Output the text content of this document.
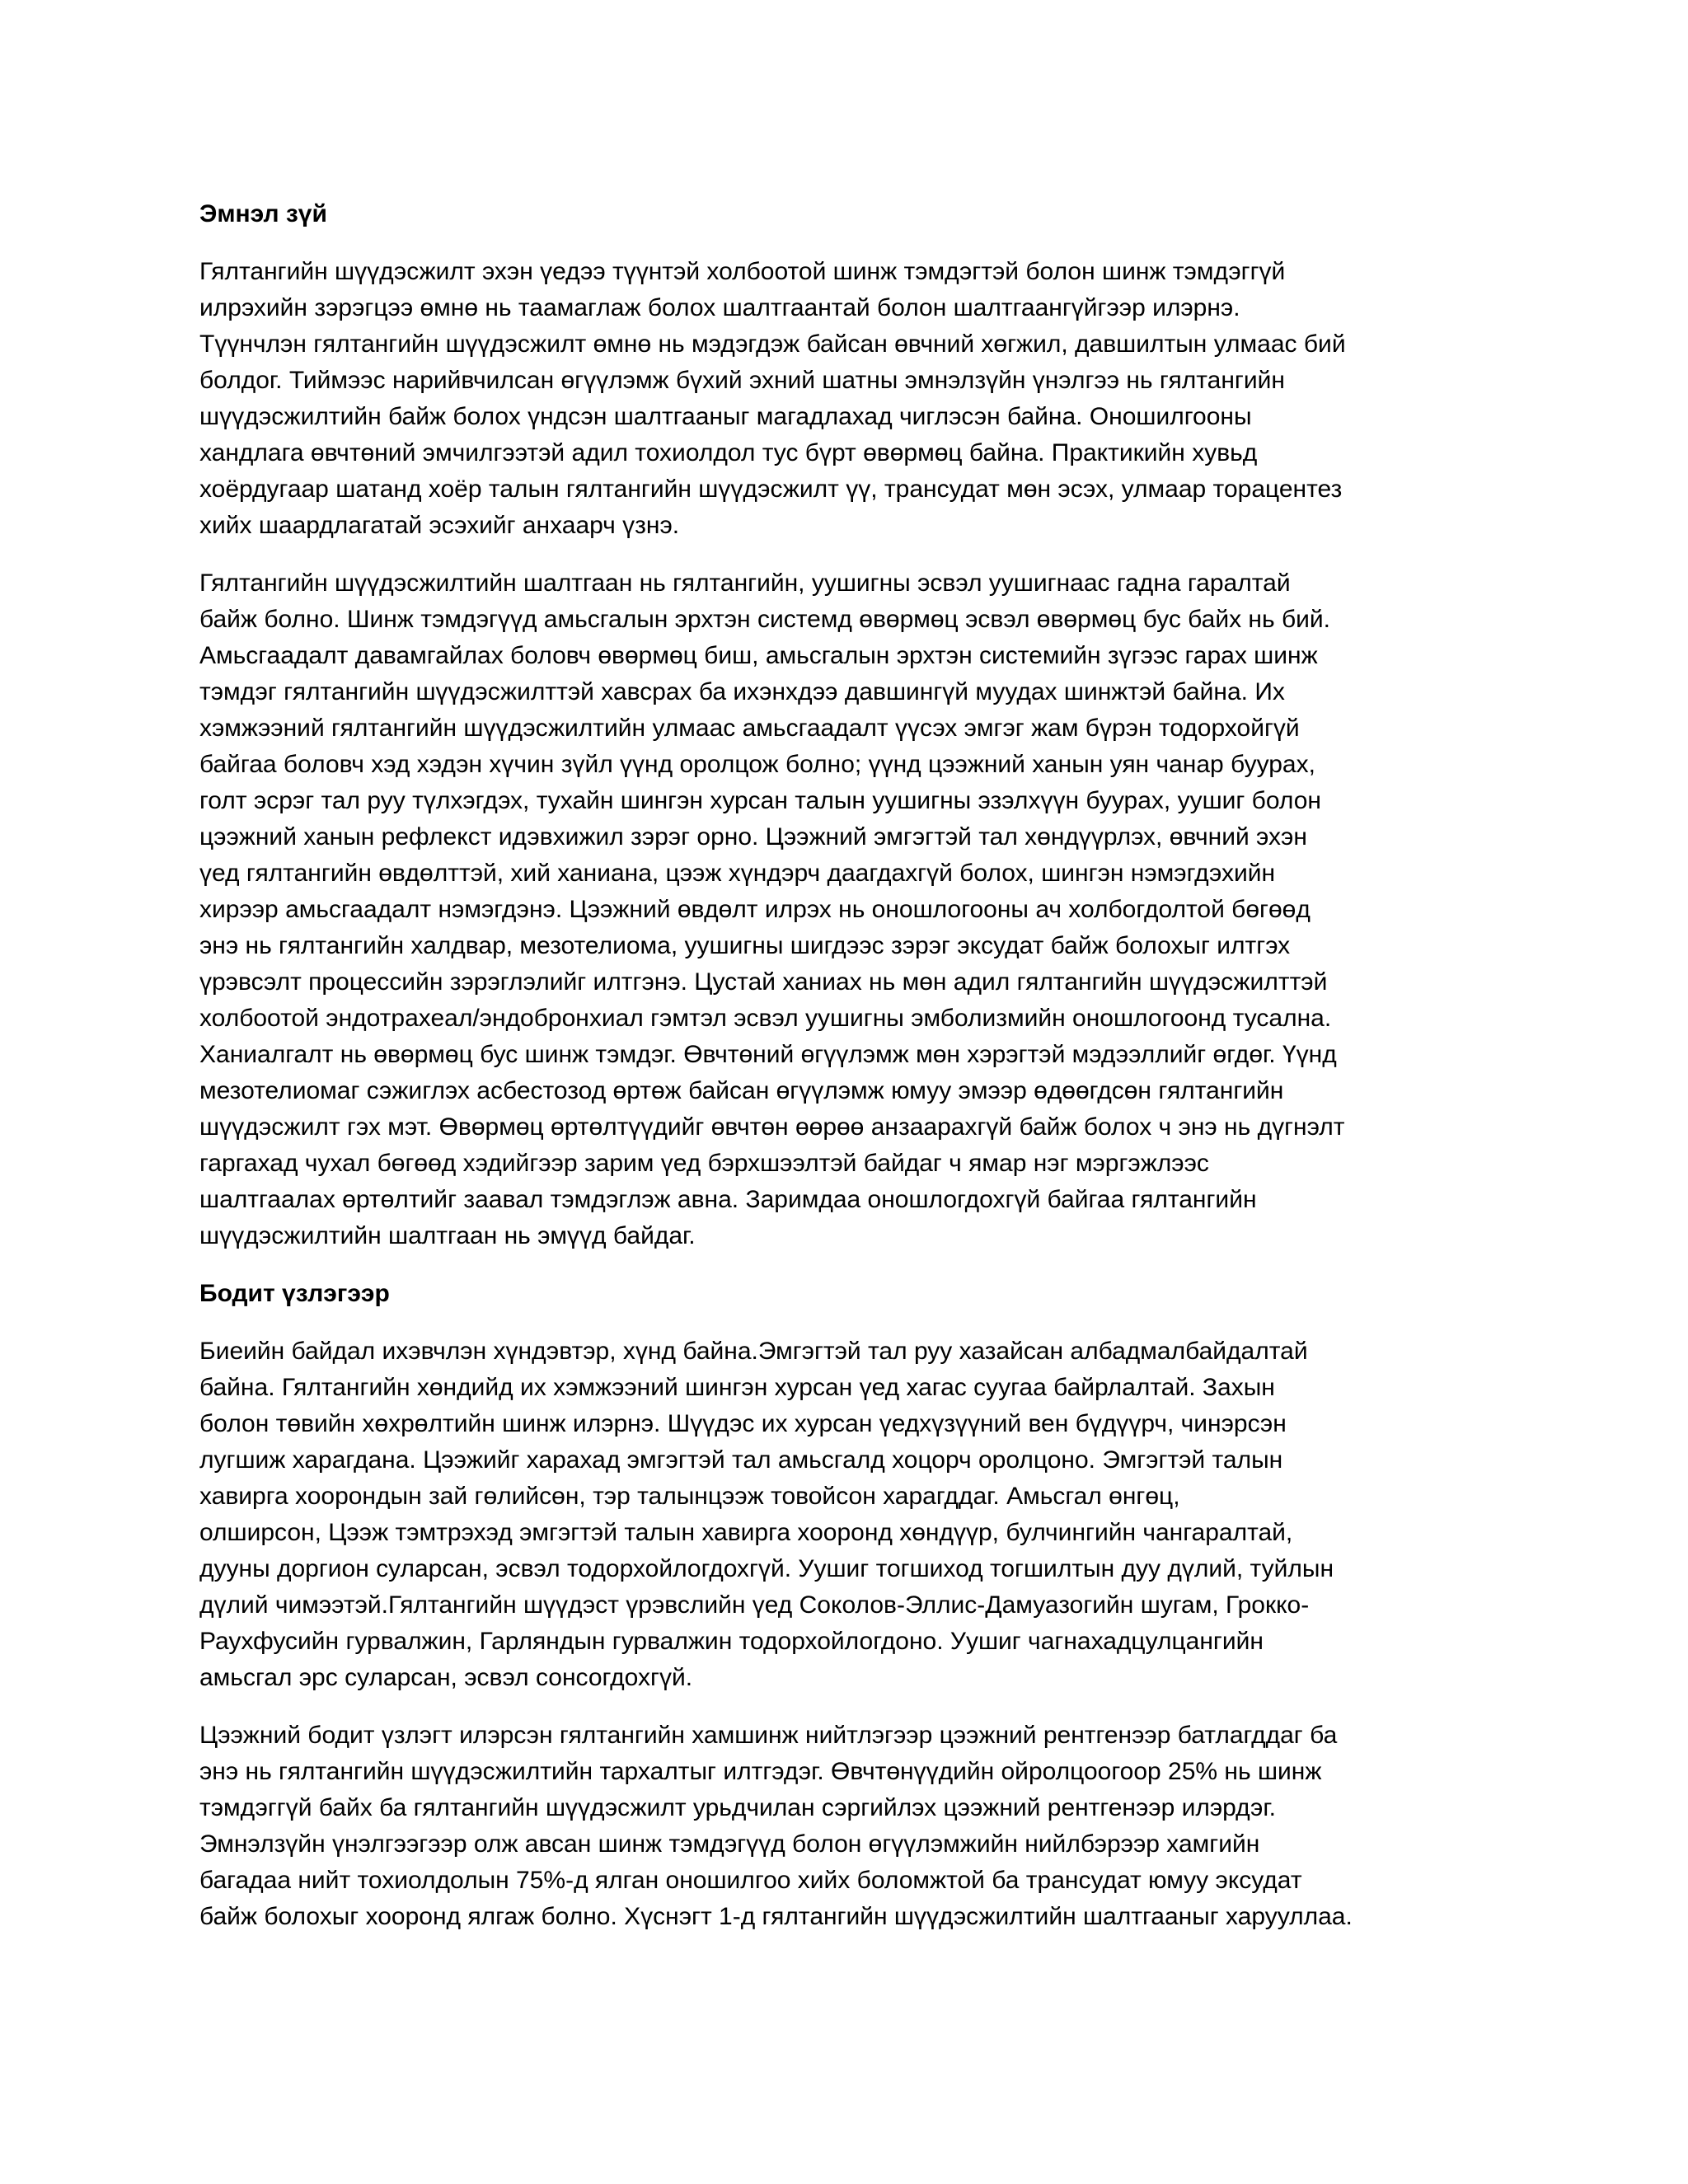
Эмнэл зүй
Гялтангийн шүүдэсжилт эхэн үедээ түүнтэй холбоотой шинж тэмдэгтэй болон шинж тэмдэггүй
илрэхийн зэрэгцээ өмнө нь таамаглаж болох шалтгаантай болон шалтгаангүйгээр илэрнэ.
Түүнчлэн гялтангийн шүүдэсжилт өмнө нь мэдэгдэж байсан өвчний хөгжил, давшилтын улмаас бий
болдог. Тиймээс нарийвчилсан өгүүлэмж бүхий эхний шатны эмнэлзүйн үнэлгээ нь гялтангийн
шүүдэсжилтийн байж болох үндсэн шалтгааныг магадлахад чиглэсэн байна. Оношилгооны
хандлага өвчтөний эмчилгээтэй адил тохиолдол тус бүрт өвөрмөц байна. Практикийн хувьд
хоёрдугаар шатанд хоёр талын гялтангийн шүүдэсжилт үү, трансудат мөн эсэх, улмаар торацентез
хийх шаардлагатай эсэхийг анхаарч үзнэ.
Гялтангийн шүүдэсжилтийн шалтгаан нь гялтангийн, уушигны эсвэл уушигнаас гадна гаралтай
байж болно. Шинж тэмдэгүүд амьсгалын эрхтэн системд өвөрмөц эсвэл өвөрмөц бус байх нь бий.
Амьсгаадалт давамгайлах боловч өвөрмөц биш, амьсгалын эрхтэн системийн зүгээс гарах шинж
тэмдэг гялтангийн шүүдэсжилттэй хавсрах ба ихэнхдээ давшингүй муудах шинжтэй байна. Их
хэмжээний гялтангийн шүүдэсжилтийн улмаас амьсгаадалт үүсэх эмгэг жам бүрэн тодорхойгүй
байгаа боловч хэд хэдэн хүчин зүйл үүнд оролцож болно; үүнд цээжний ханын уян чанар буурах,
голт эсрэг тал руу түлхэгдэх, тухайн шингэн хурсан талын уушигны эзэлхүүн буурах, уушиг болон
цээжний ханын рефлекст идэвхижил зэрэг орно. Цээжний эмгэгтэй тал хөндүүрлэх, өвчний эхэн
үед гялтангийн өвдөлттэй, хий ханиана, цээж хүндэрч даагдахгүй болох, шингэн нэмэгдэхийн
хирээр амьсгаадалт нэмэгдэнэ. Цээжний өвдөлт илрэх нь оношлогооны ач холбогдолтой бөгөөд
энэ нь гялтангийн халдвар, мезотелиома, уушигны шигдээс зэрэг эксудат байж болохыг илтгэх
үрэвсэлт процессийн зэрэглэлийг илтгэнэ. Цустай ханиах нь мөн адил гялтангийн шүүдэсжилттэй
холбоотой эндотрахеал/эндобронхиал гэмтэл эсвэл уушигны эмболизмийн оношлогоонд тусална.
Ханиалгалт нь өвөрмөц бус шинж тэмдэг. Өвчтөний өгүүлэмж мөн хэрэгтэй мэдээллийг өгдөг. Үүнд
мезотелиомаг сэжиглэх асбестозод өртөж байсан өгүүлэмж юмуу эмээр өдөөгдсөн гялтангийн
шүүдэсжилт гэх мэт. Өвөрмөц өртөлтүүдийг өвчтөн өөрөө анзаарахгүй байж болох ч энэ нь дүгнэлт
гаргахад чухал бөгөөд хэдийгээр зарим үед бэрхшээлтэй байдаг ч ямар нэг мэргэжлээс
шалтгаалах өртөлтийг заавал тэмдэглэж авна. Заримдаа оношлогдохгүй байгаа гялтангийн
шүүдэсжилтийн шалтгаан нь эмүүд байдаг.
Бодит үзлэгээр
Биеийн байдал ихэвчлэн хүндэвтэр, хүнд байна.Эмгэгтэй тал руу хазайсан албадмалбайдалтай
байна. Гялтангийн хөндийд их хэмжээний шингэн хурсан үед хагас суугаа байрлалтай. Захын
болон төвийн хөхрөлтийн шинж илэрнэ. Шүүдэс их хурсан үедхүзүүний вен бүдүүрч, чинэрсэн
лугшиж харагдана. Цээжийг харахад эмгэгтэй тал амьсгалд хоцорч оролцоно. Эмгэгтэй талын
хавирга хоорондын зай гөлийсөн, тэр талынцээж товойсон харагддаг. Амьсгал өнгөц,
олширсон, Цээж тэмтрэхэд эмгэгтэй талын хавирга хооронд хөндүүр, булчингийн чангаралтай,
дууны доргион суларсан, эсвэл тодорхойлогдохгүй. Уушиг тогшиход тогшилтын дуу дүлий, туйлын
дүлий чимээтэй.Гялтангийн шүүдэст үрэвслийн үед Соколов-Эллис-Дамуазогийн шугам, Грокко-
Раухфусийн гурвалжин, Гарляндын гурвалжин тодорхойлогдоно. Уушиг чагнахадцулцангийн
амьсгал эрс суларсан, эсвэл сонсогдохгүй.
Цээжний бодит үзлэгт илэрсэн гялтангийн хамшинж нийтлэгээр цээжний рентгенээр батлагддаг ба
энэ нь гялтангийн шүүдэсжилтийн тархалтыг илтгэдэг. Өвчтөнүүдийн ойролцоогоор 25% нь шинж
тэмдэггүй байх ба гялтангийн шүүдэсжилт урьдчилан сэргийлэх цээжний рентгенээр илэрдэг.
Эмнэлзүйн үнэлгээгээр олж авсан шинж тэмдэгүүд болон өгүүлэмжийн нийлбэрээр хамгийн
багадаа нийт тохиолдолын 75%-д ялган оношилгоо хийх боломжтой ба трансудат юмуу эксудат
байж болохыг хооронд ялгаж болно. Хүснэгт 1-д гялтангийн шүүдэсжилтийн шалтгааныг харууллаа.
